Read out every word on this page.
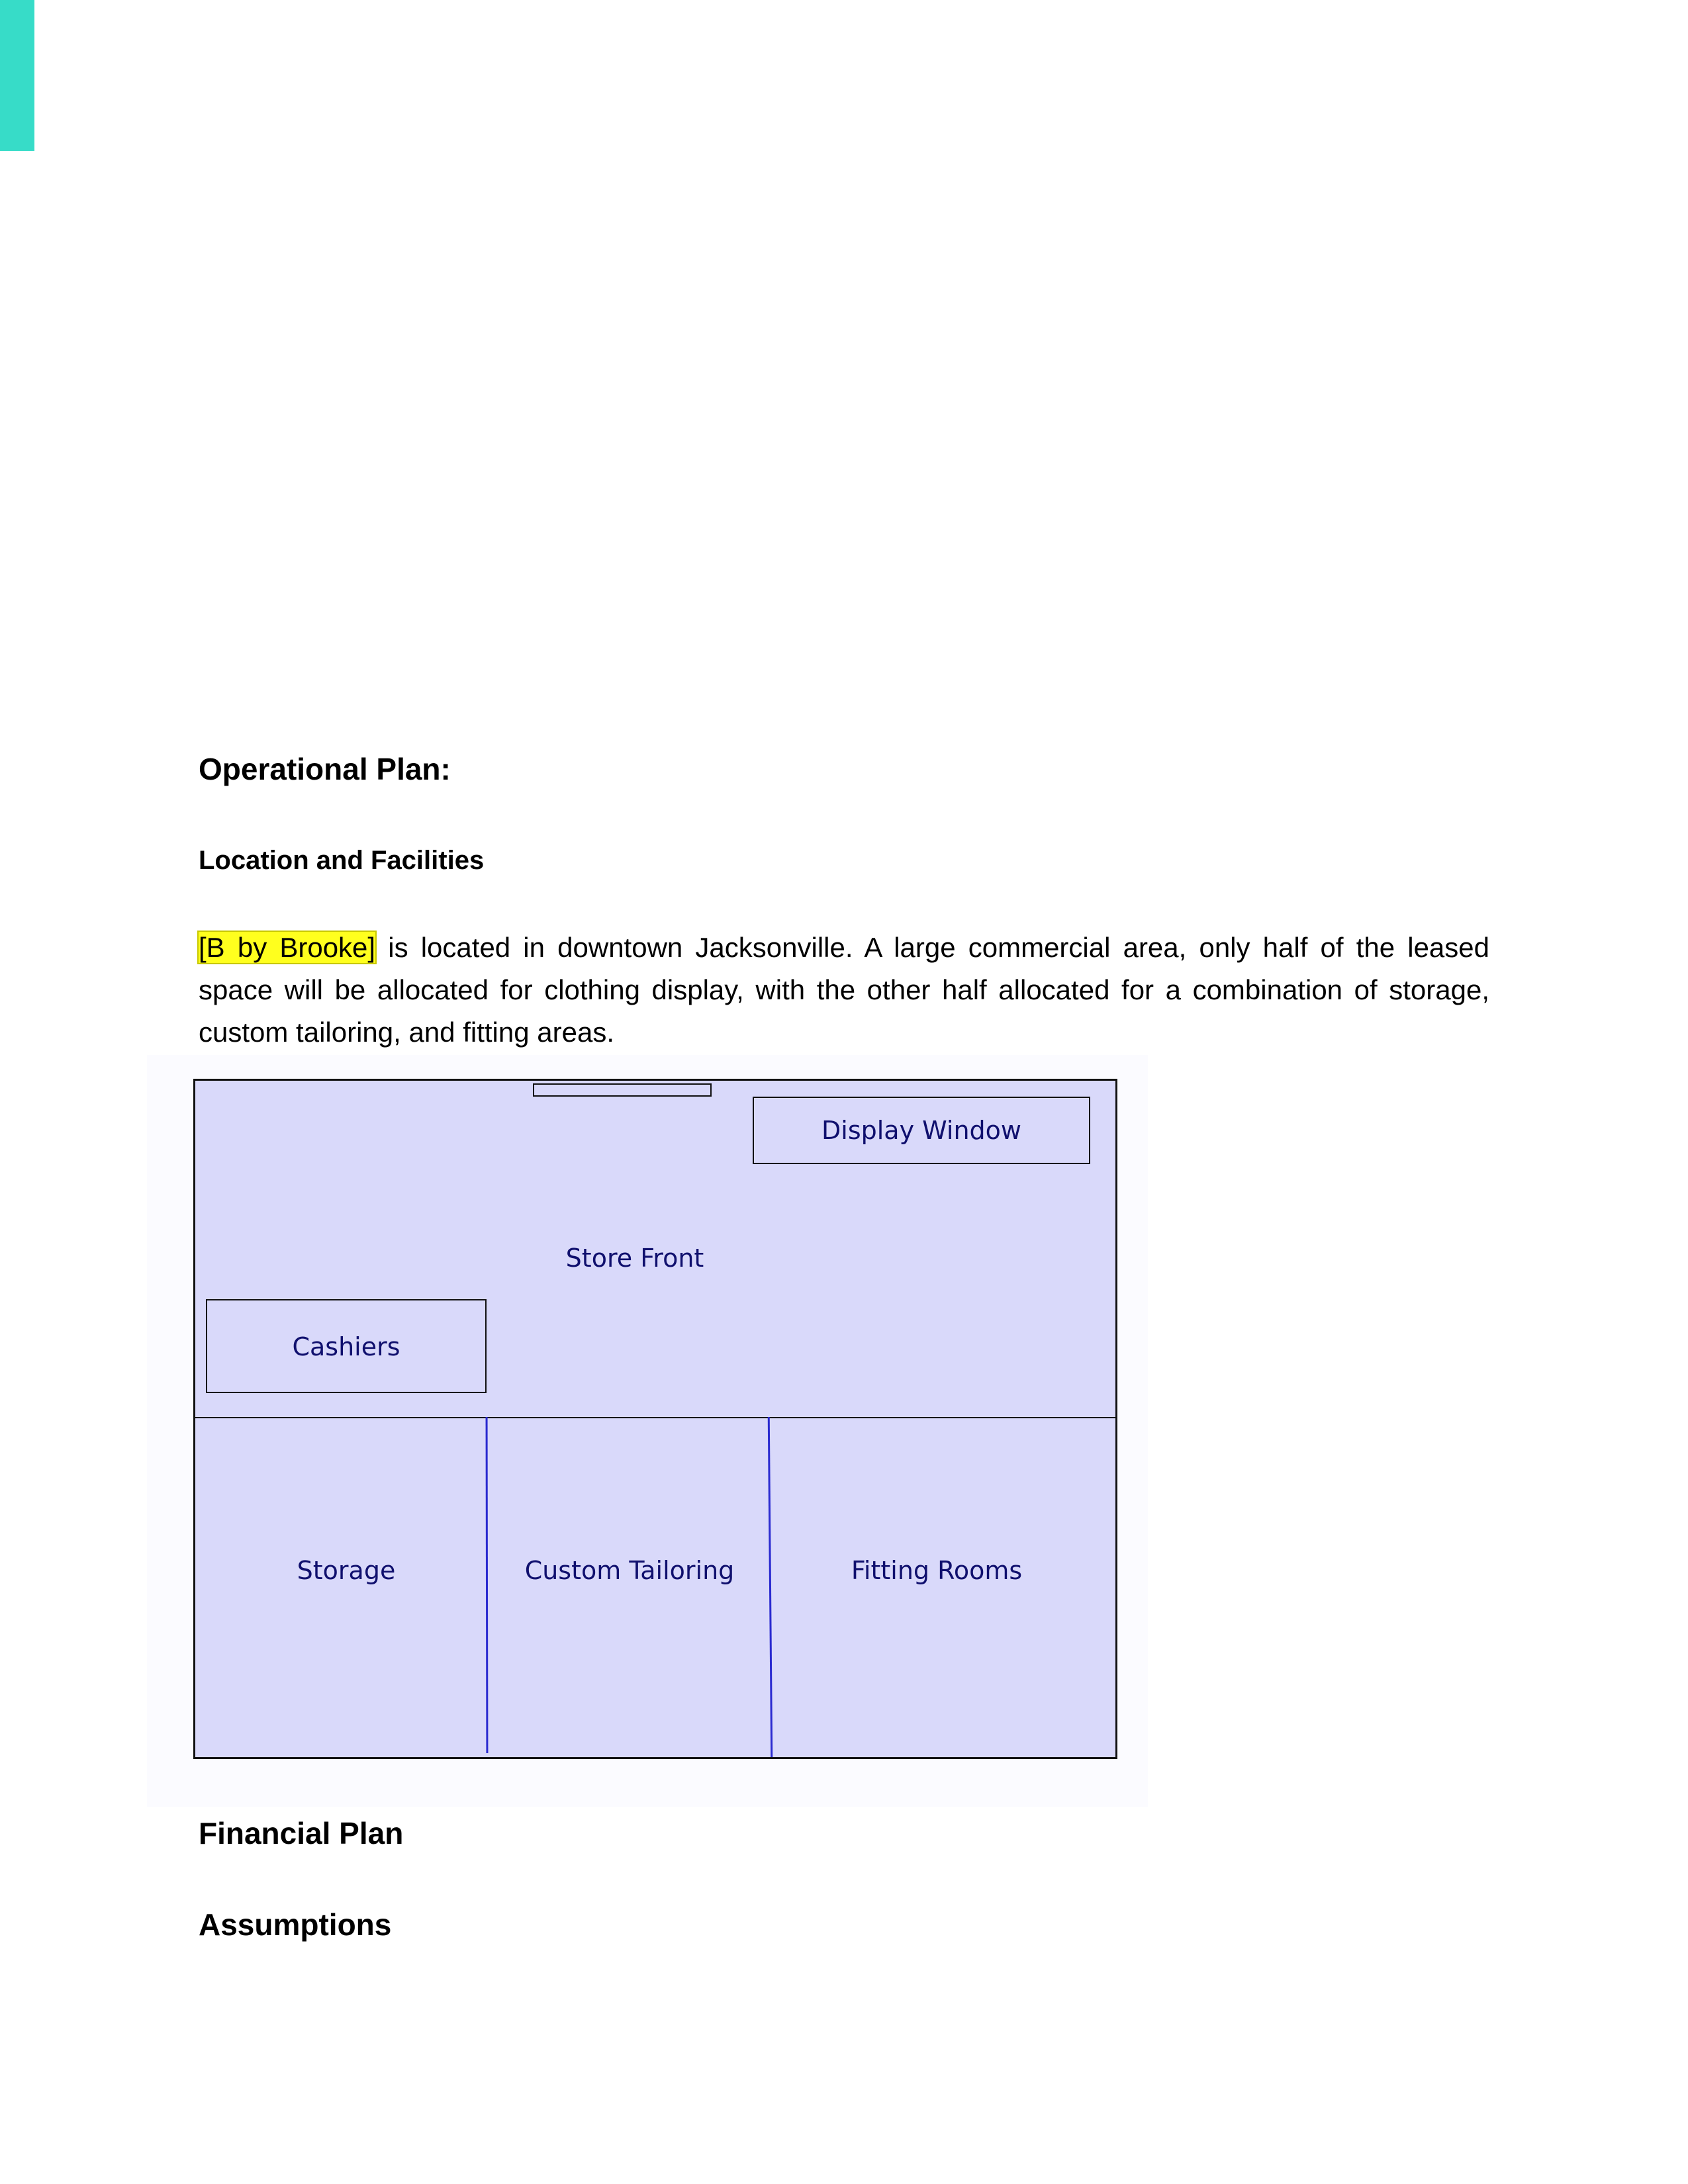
Operational Plan:
Location and Facilities

[B by Brooke] is located in downtown Jacksonville. A large commercial area, only half of the leased space will be allocated for clothing display, with the other half allocated for a combination of storage, custom tailoring, and fitting areas.

Display Window
Store Front
Cashiers
Storage	Custom Tailoring	Fitting Rooms
Financial Plan
Assumptions
